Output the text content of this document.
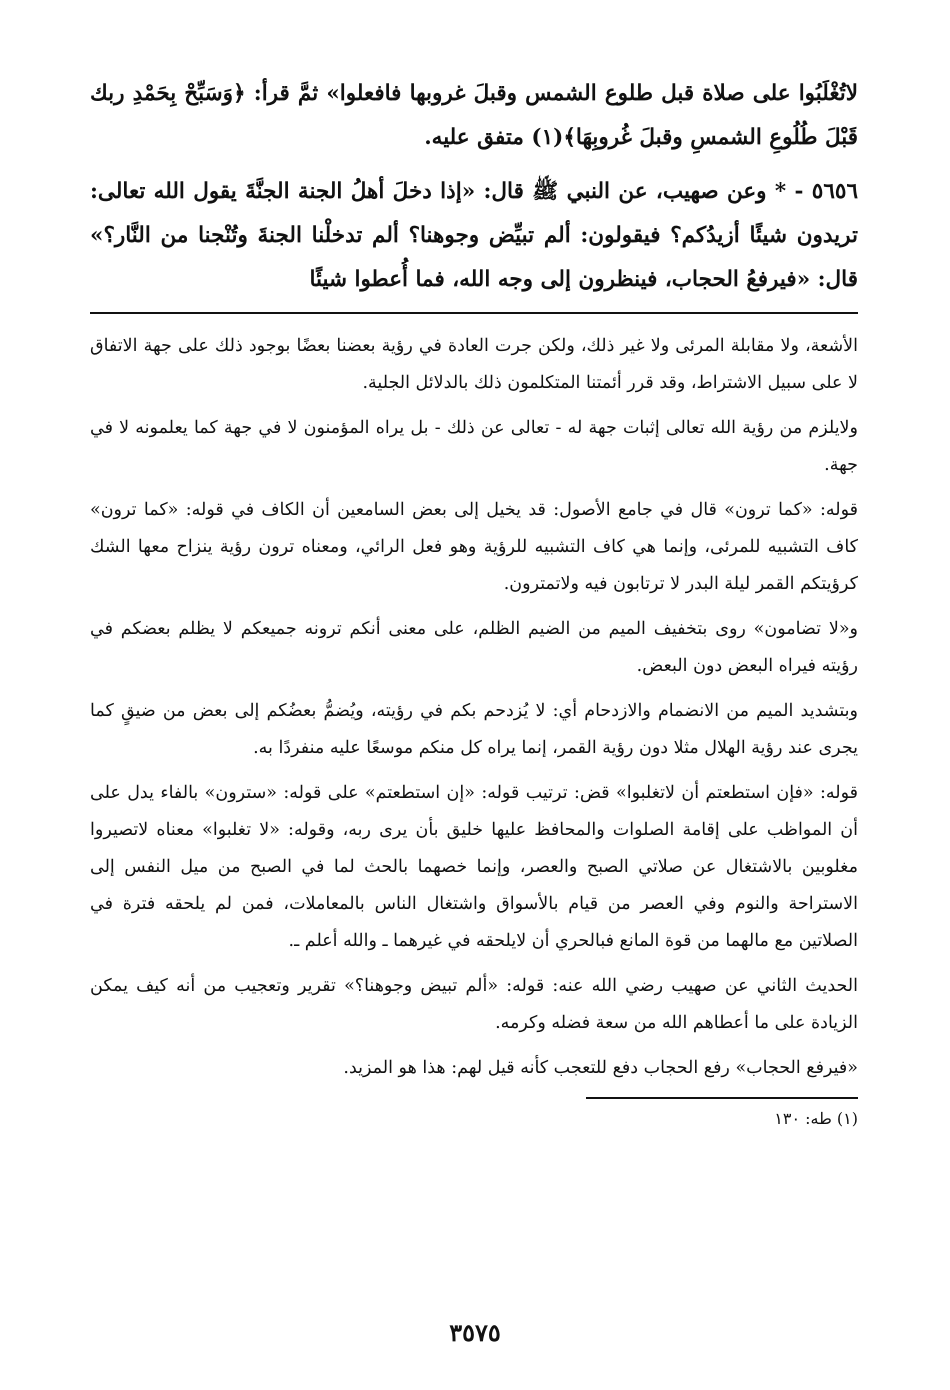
لاتُغْلَبُوا على صلاة قبل طلوع الشمس وقبلَ غروبها فافعلوا» ثمَّ قرأ: ﴿وَسَبِّحْ بِحَمْدِ ربك قَبْلَ طُلُوعِ الشمسِ وقبلَ غُروبِهَا﴾(١) متفق عليه.

٥٦٥٦ - * وعن صهيب، عن النبي ﷺ قال: «إذا دخلَ أهلُ الجنة الجنَّةَ يقول الله تعالى: تريدون شيئًا أزيدُكم؟ فيقولون: ألم تبيِّض وجوهنا؟ ألم تدخلْنا الجنةَ وتُنْجنا من النَّار؟» قال: «فيرفعُ الحجاب، فينظرون إلى وجه الله، فما أُعطوا شيئًا

الأشعة، ولا مقابلة المرئى ولا غير ذلك، ولكن جرت العادة في رؤية بعضنا بعضًا بوجود ذلك على جهة الاتفاق لا على سبيل الاشتراط، وقد قرر أئمتنا المتكلمون ذلك بالدلائل الجلية.

ولايلزم من رؤية الله تعالى إثبات جهة له - تعالى عن ذلك - بل يراه المؤمنون لا في جهة كما يعلمونه لا في جهة.

قوله: «كما ترون» قال في جامع الأصول: قد يخيل إلى بعض السامعين أن الكاف في قوله: «كما ترون» كاف التشبيه للمرئى، وإنما هي كاف التشبيه للرؤية وهو فعل الرائي، ومعناه ترون رؤية ينزاح معها الشك كرؤيتكم القمر ليلة البدر لا ترتابون فيه ولاتمترون.

و«لا تضامون» روى بتخفيف الميم من الضيم الظلم، على معنى أنكم ترونه جميعكم لا يظلم بعضكم في رؤيته فيراه البعض دون البعض.

وبتشديد الميم من الانضمام والازدحام أي: لا يُزدحم بكم في رؤيته، ويُضمُّ بعضُكم إلى بعض من ضيقٍ كما يجرى عند رؤية الهلال مثلا دون رؤية القمر، إنما يراه كل منكم موسعًا عليه منفردًا به.

قوله: «فإن استطعتم أن لاتغلبوا» قض: ترتيب قوله: «إن استطعتم» على قوله: «سترون» بالفاء يدل على أن المواظب على إقامة الصلوات والمحافظ عليها خليق بأن يرى ربه، وقوله: «لا تغلبوا» معناه لاتصيروا مغلوبين بالاشتغال عن صلاتي الصبح والعصر، وإنما خصهما بالحث لما في الصبح من ميل النفس إلى الاستراحة والنوم وفي العصر من قيام بالأسواق واشتغال الناس بالمعاملات، فمن لم يلحقه فترة في الصلاتين مع مالهما من قوة المانع فبالحري أن لايلحقه في غيرهما ـ والله أعلم ـ.

الحديث الثاني عن صهيب رضي الله عنه: قوله: «ألم تبيض وجوهنا؟» تقرير وتعجيب من أنه كيف يمكن الزيادة على ما أعطاهم الله من سعة فضله وكرمه.

«فيرفع الحجاب» رفع الحجاب دفع للتعجب كأنه قيل لهم: هذا هو المزيد.

(١) طه: ١٣٠

٣٥٧٥
